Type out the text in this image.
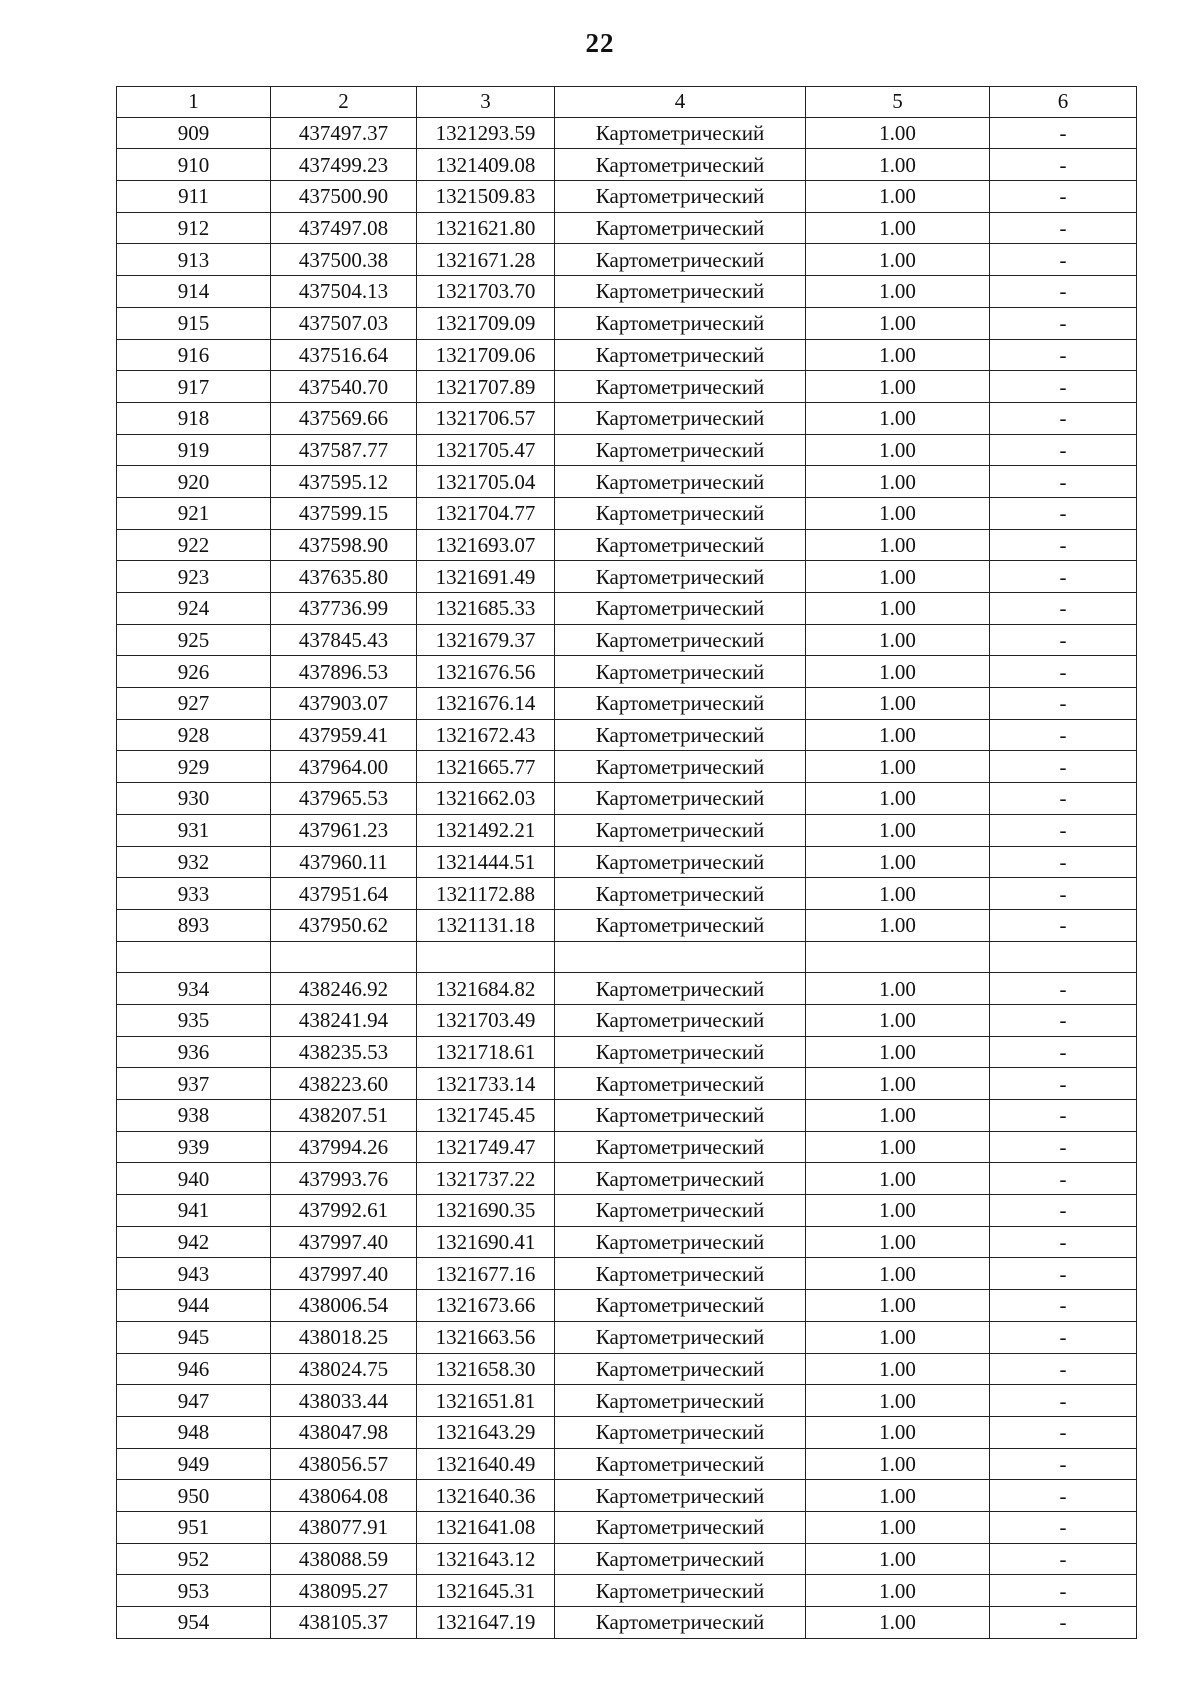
22
1	2	3	4	5	6
909	437497.37	1321293.59	Картометрический	1.00	-
910	437499.23	1321409.08	Картометрический	1.00	-
911	437500.90	1321509.83	Картометрический	1.00	-
912	437497.08	1321621.80	Картометрический	1.00	-
913	437500.38	1321671.28	Картометрический	1.00	-
914	437504.13	1321703.70	Картометрический	1.00	-
915	437507.03	1321709.09	Картометрический	1.00	-
916	437516.64	1321709.06	Картометрический	1.00	-
917	437540.70	1321707.89	Картометрический	1.00	-
918	437569.66	1321706.57	Картометрический	1.00	-
919	437587.77	1321705.47	Картометрический	1.00	-
920	437595.12	1321705.04	Картометрический	1.00	-
921	437599.15	1321704.77	Картометрический	1.00	-
922	437598.90	1321693.07	Картометрический	1.00	-
923	437635.80	1321691.49	Картометрический	1.00	-
924	437736.99	1321685.33	Картометрический	1.00	-
925	437845.43	1321679.37	Картометрический	1.00	-
926	437896.53	1321676.56	Картометрический	1.00	-
927	437903.07	1321676.14	Картометрический	1.00	-
928	437959.41	1321672.43	Картометрический	1.00	-
929	437964.00	1321665.77	Картометрический	1.00	-
930	437965.53	1321662.03	Картометрический	1.00	-
931	437961.23	1321492.21	Картометрический	1.00	-
932	437960.11	1321444.51	Картометрический	1.00	-
933	437951.64	1321172.88	Картометрический	1.00	-
893	437950.62	1321131.18	Картометрический	1.00	-

934	438246.92	1321684.82	Картометрический	1.00	-
935	438241.94	1321703.49	Картометрический	1.00	-
936	438235.53	1321718.61	Картометрический	1.00	-
937	438223.60	1321733.14	Картометрический	1.00	-
938	438207.51	1321745.45	Картометрический	1.00	-
939	437994.26	1321749.47	Картометрический	1.00	-
940	437993.76	1321737.22	Картометрический	1.00	-
941	437992.61	1321690.35	Картометрический	1.00	-
942	437997.40	1321690.41	Картометрический	1.00	-
943	437997.40	1321677.16	Картометрический	1.00	-
944	438006.54	1321673.66	Картометрический	1.00	-
945	438018.25	1321663.56	Картометрический	1.00	-
946	438024.75	1321658.30	Картометрический	1.00	-
947	438033.44	1321651.81	Картометрический	1.00	-
948	438047.98	1321643.29	Картометрический	1.00	-
949	438056.57	1321640.49	Картометрический	1.00	-
950	438064.08	1321640.36	Картометрический	1.00	-
951	438077.91	1321641.08	Картометрический	1.00	-
952	438088.59	1321643.12	Картометрический	1.00	-
953	438095.27	1321645.31	Картометрический	1.00	-
954	438105.37	1321647.19	Картометрический	1.00	-
